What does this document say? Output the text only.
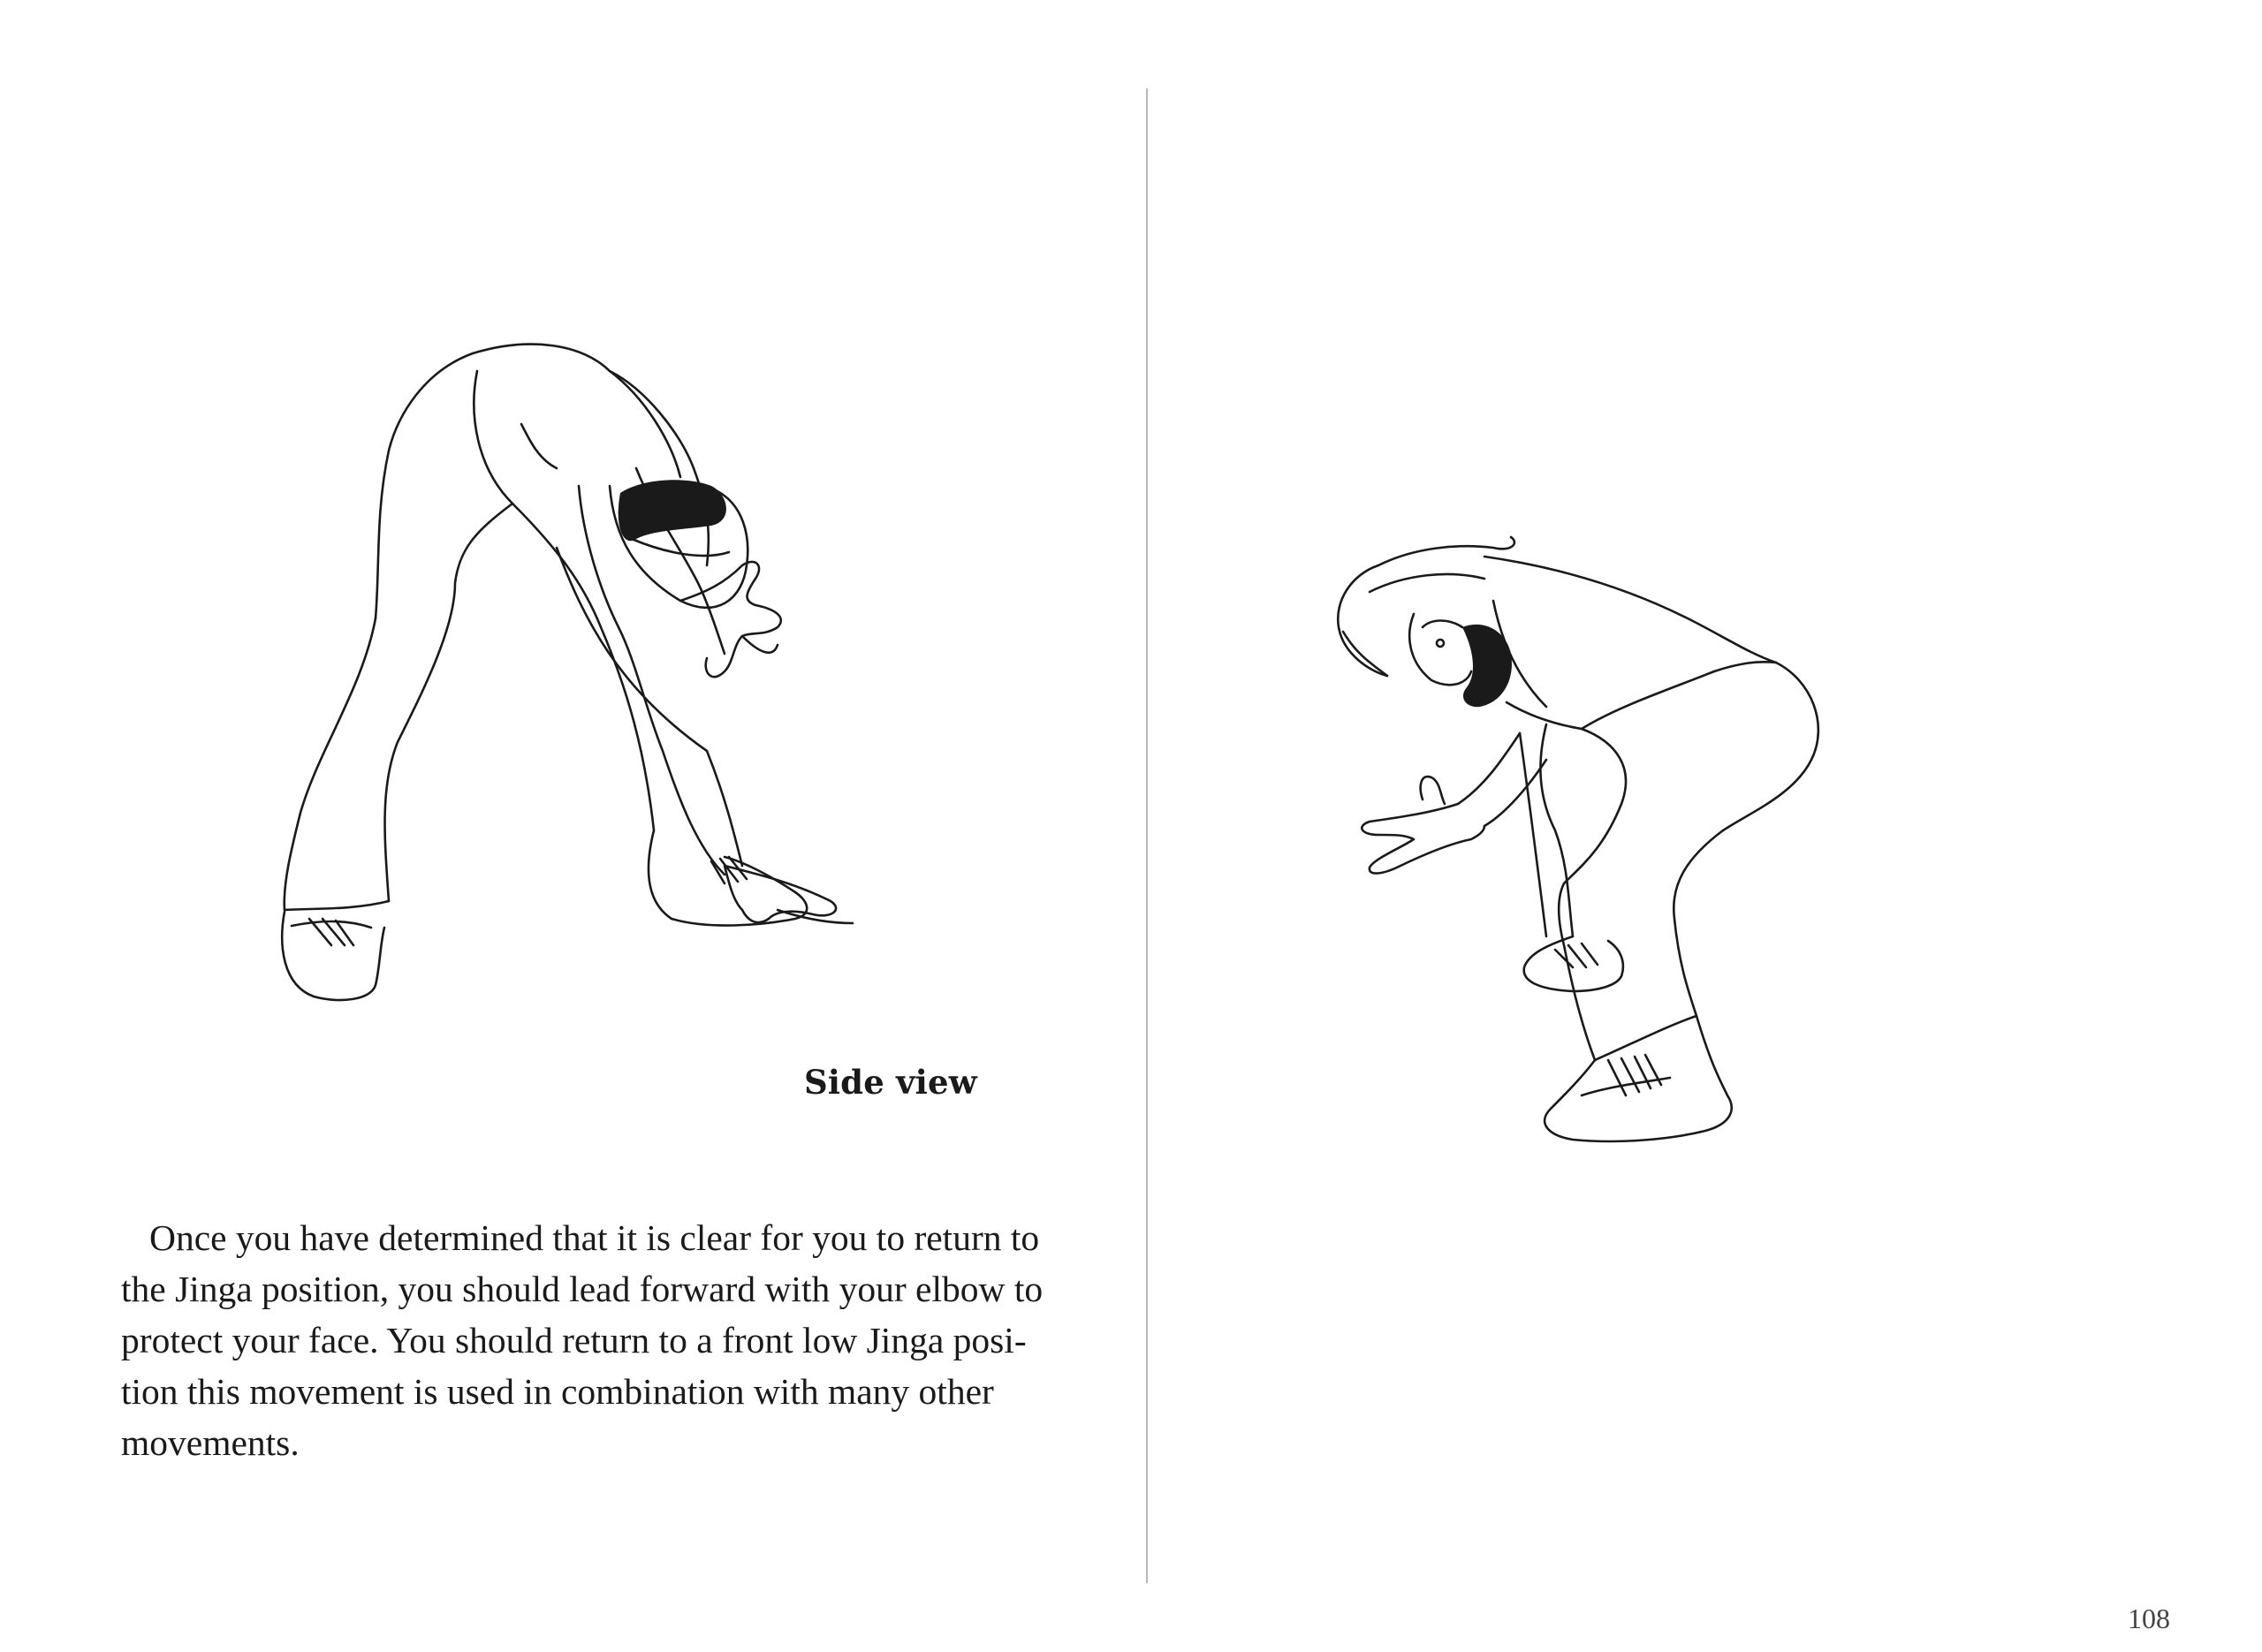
Side view
Once you have determined that it is clear for you to return to
the Jinga position, you should lead forward with your elbow to
protect your face. You should return to a front low Jinga posi-
tion this movement is used in combination with many other
movements.
108
